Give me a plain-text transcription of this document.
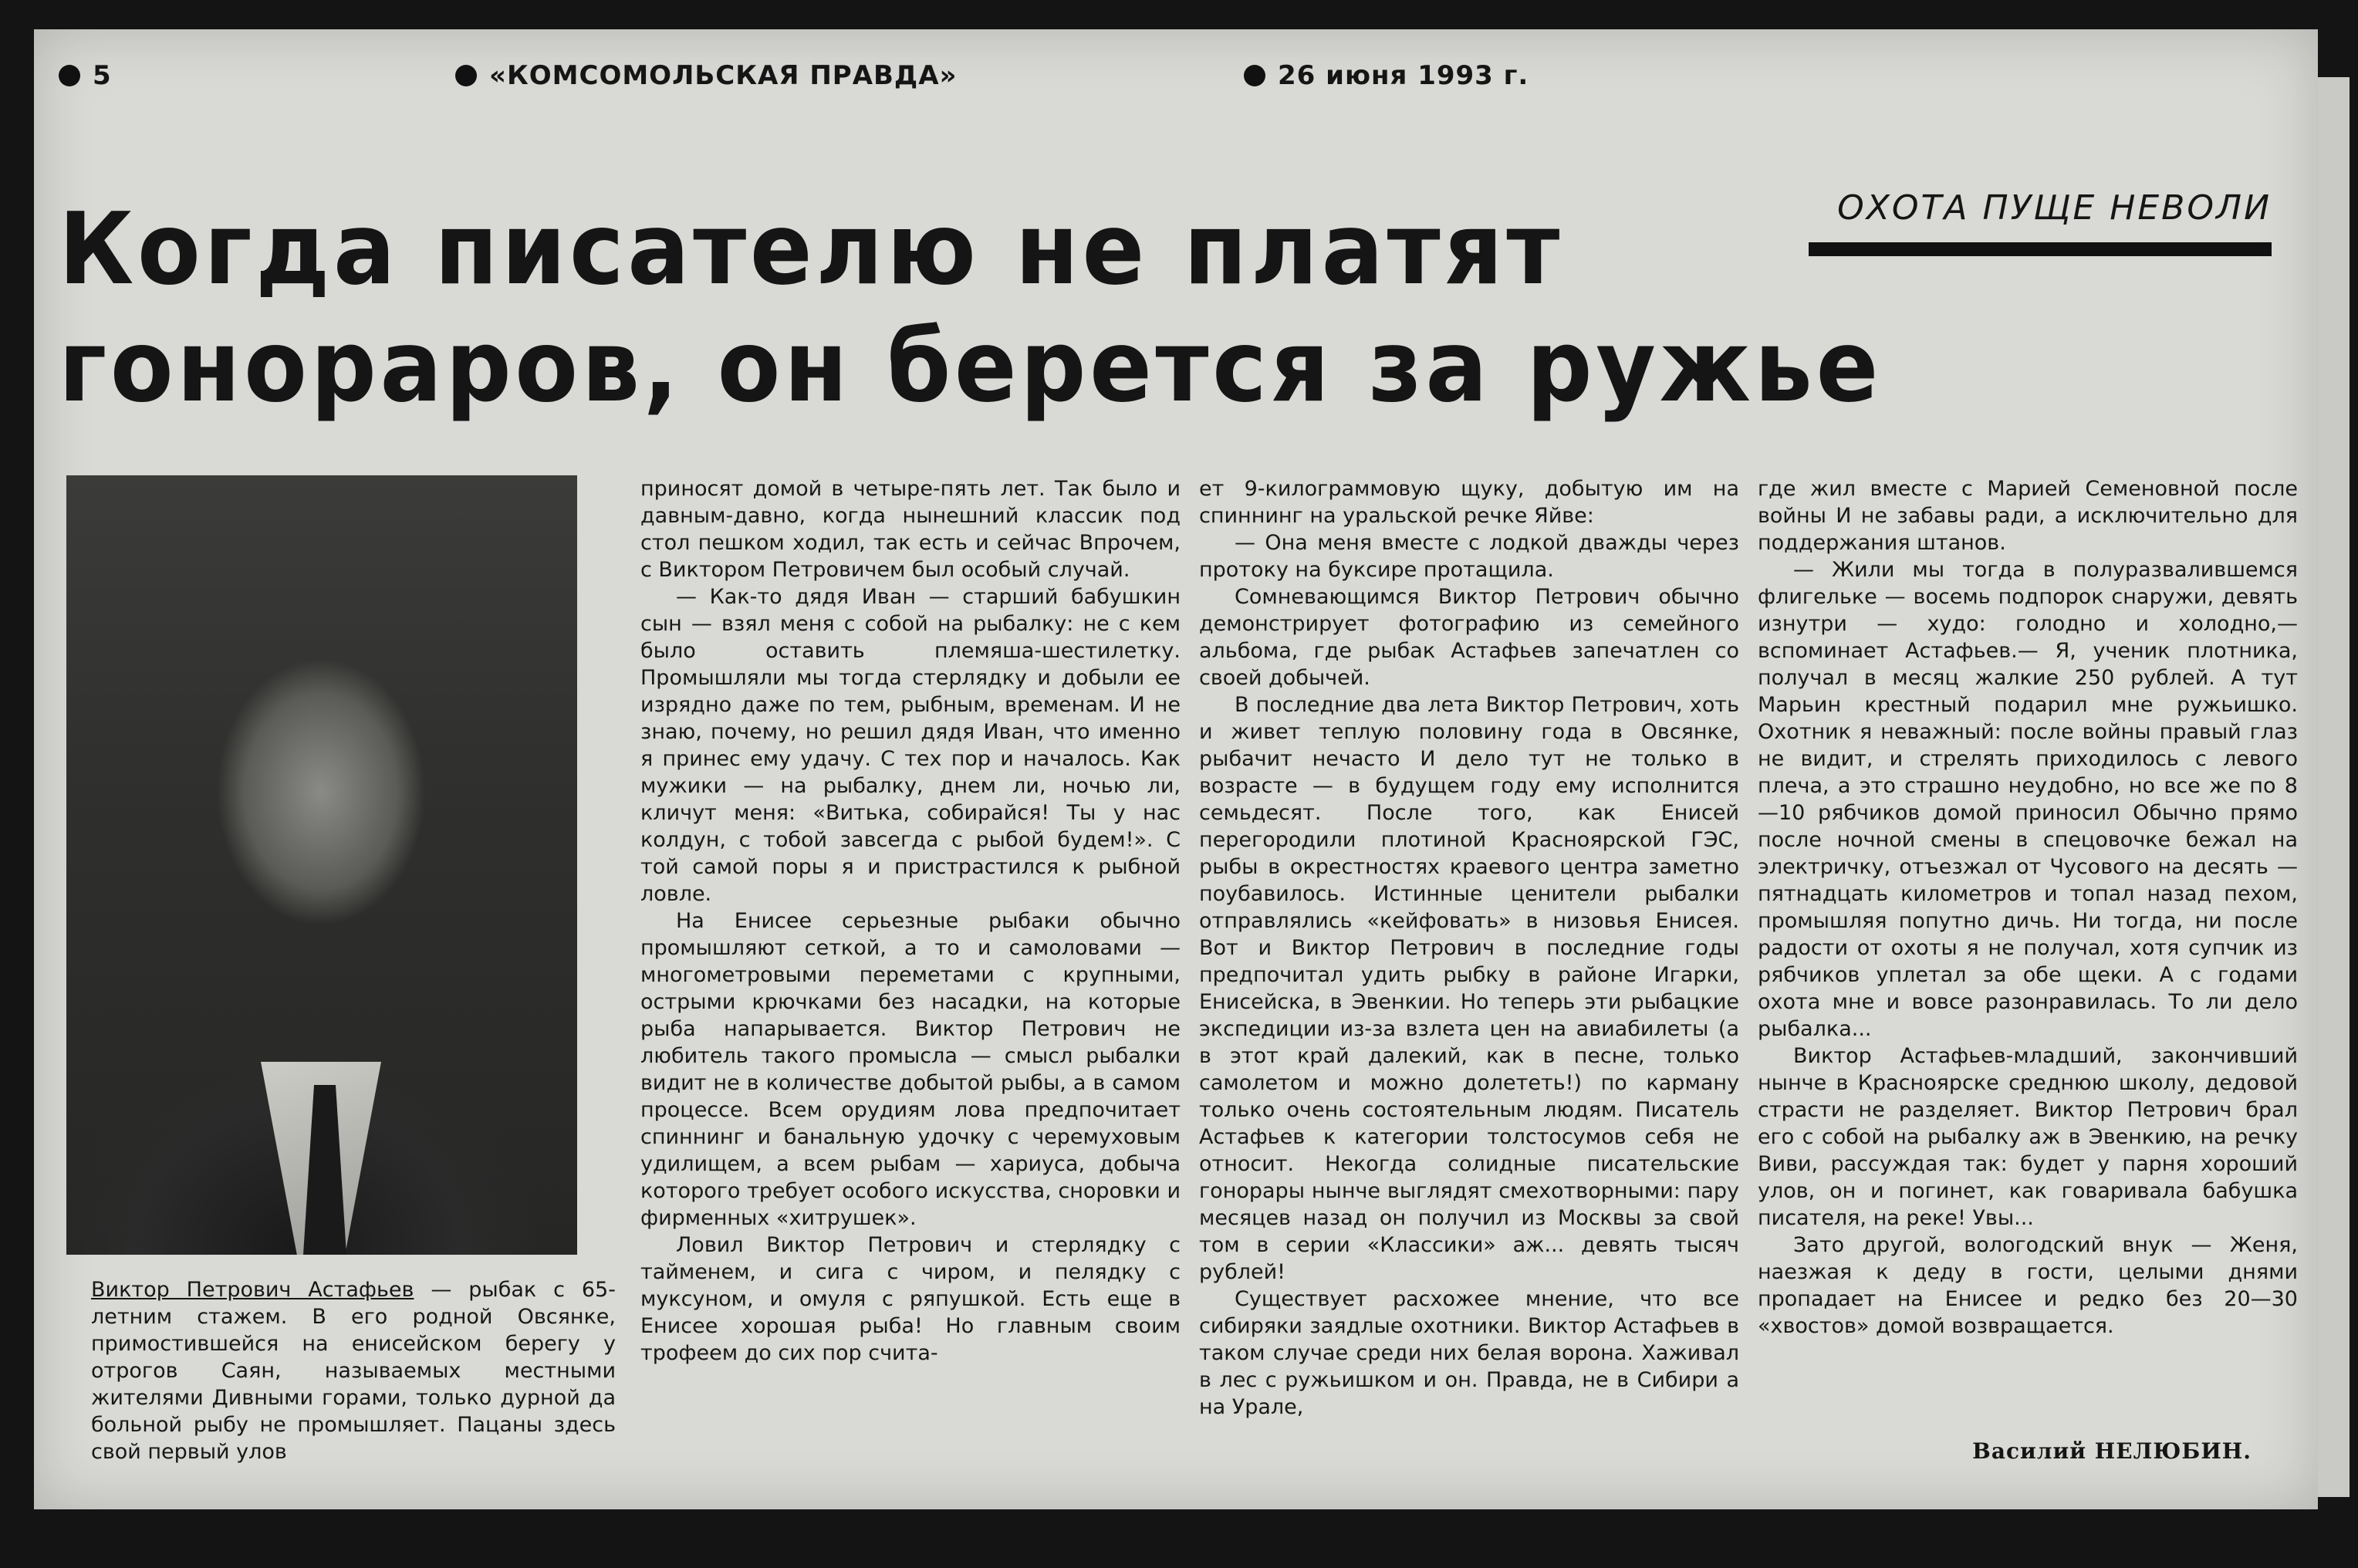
5	«КОМСОМОЛЬСКАЯ ПРАВДА»	26 июня 1993 г.
ОХОТА ПУЩЕ НЕВОЛИ
Когда писателю не платят
гонораров, он берется за ружье
Виктор Петрович Астафьев — рыбак с 65-летним стажем. В его родной Овсянке, примостившейся на енисейском берегу у отрогов Саян, называемых местными жителями Дивными горами, только дурной да больной рыбу не промышляет. Пацаны здесь свой первый улов

приносят домой в четыре-пять лет. Так было и давным-давно, когда нынешний классик под стол пешком ходил, так есть и сейчас Впрочем, с Виктором Петровичем был особый случай.

— Как-то дядя Иван — старший бабушкин сын — взял меня с собой на рыбалку: не с кем было оставить племяша-шестилетку. Промышляли мы тогда стерлядку и добыли ее изрядно даже по тем, рыбным, временам. И не знаю, почему, но решил дядя Иван, что именно я принес ему удачу. С тех пор и началось. Как мужики — на рыбалку, днем ли, ночью ли, кличут меня: «Витька, собирайся! Ты у нас колдун, с тобой завсегда с рыбой будем!». С той самой поры я и пристрастился к рыбной ловле.

На Енисее серьезные рыбаки обычно промышляют сеткой, а то и самоловами — многометровыми переметами с крупными, острыми крючками без насадки, на которые рыба напарывается. Виктор Петрович не любитель такого промысла — смысл рыбалки видит не в количестве добытой рыбы, а в самом процессе. Всем орудиям лова предпочитает спиннинг и банальную удочку с черемуховым удилищем, а всем рыбам — хариуса, добыча которого требует особого искусства, сноровки и фирменных «хитрушек».

Ловил Виктор Петрович и стерлядку с тайменем, и сига с чиром, и пелядку с муксуном, и омуля с ряпушкой. Есть еще в Енисее хорошая рыба! Но главным своим трофеем до сих пор счита-

ет 9-килограммовую щуку, добытую им на спиннинг на уральской речке Яйве:

— Она меня вместе с лодкой дважды через протоку на буксире протащила.

Сомневающимся Виктор Петрович обычно демонстрирует фотографию из семейного альбома, где рыбак Астафьев запечатлен со своей добычей.

В последние два лета Виктор Петрович, хоть и живет теплую половину года в Овсянке, рыбачит нечасто И дело тут не только в возрасте — в будущем году ему исполнится семьдесят. После того, как Енисей перегородили плотиной Красноярской ГЭС, рыбы в окрестностях краевого центра заметно поубавилось. Истинные ценители рыбалки отправлялись «кейфовать» в низовья Енисея. Вот и Виктор Петрович в последние годы предпочитал удить рыбку в районе Игарки, Енисейска, в Эвенкии. Но теперь эти рыбацкие экспедиции из-за взлета цен на авиабилеты (а в этот край далекий, как в песне, только самолетом и можно долететь!) по карману только очень состоятельным людям. Писатель Астафьев к категории толстосумов себя не относит. Некогда солидные писательские гонорары нынче выглядят смехотворными: пару месяцев назад он получил из Москвы за свой том в серии «Классики» аж... девять тысяч рублей!

Существует расхожее мнение, что все сибиряки заядлые охотники. Виктор Астафьев в таком случае среди них белая ворона. Хаживал в лес с ружьишком и он. Правда, не в Сибири а на Урале,

где жил вместе с Марией Семеновной после войны И не забавы ради, а исключительно для поддержания штанов.

— Жили мы тогда в полуразвалившемся флигельке — восемь подпорок снаружи, девять изнутри — худо: голодно и холодно,— вспоминает Астафьев.— Я, ученик плотника, получал в месяц жалкие 250 рублей. А тут Марьин крестный подарил мне ружьишко. Охотник я неважный: после войны правый глаз не видит, и стрелять приходилось с левого плеча, а это страшно неудобно, но все же по 8—10 рябчиков домой приносил Обычно прямо после ночной смены в спецовочке бежал на электричку, отъезжал от Чусового на десять — пятнадцать километров и топал назад пехом, промышляя попутно дичь. Ни тогда, ни после радости от охоты я не получал, хотя супчик из рябчиков уплетал за обе щеки. А с годами охота мне и вовсе разонравилась. То ли дело рыбалка...

Виктор Астафьев-младший, закончивший нынче в Красноярске среднюю школу, дедовой страсти не разделяет. Виктор Петрович брал его с собой на рыбалку аж в Эвенкию, на речку Виви, рассуждая так: будет у парня хороший улов, он и погинет, как говаривала бабушка писателя, на реке! Увы...

Зато другой, вологодский внук — Женя, наезжая к деду в гости, целыми днями пропадает на Енисее и редко без 20—30 «хвостов» домой возвращается.

Василий НЕЛЮБИН.
